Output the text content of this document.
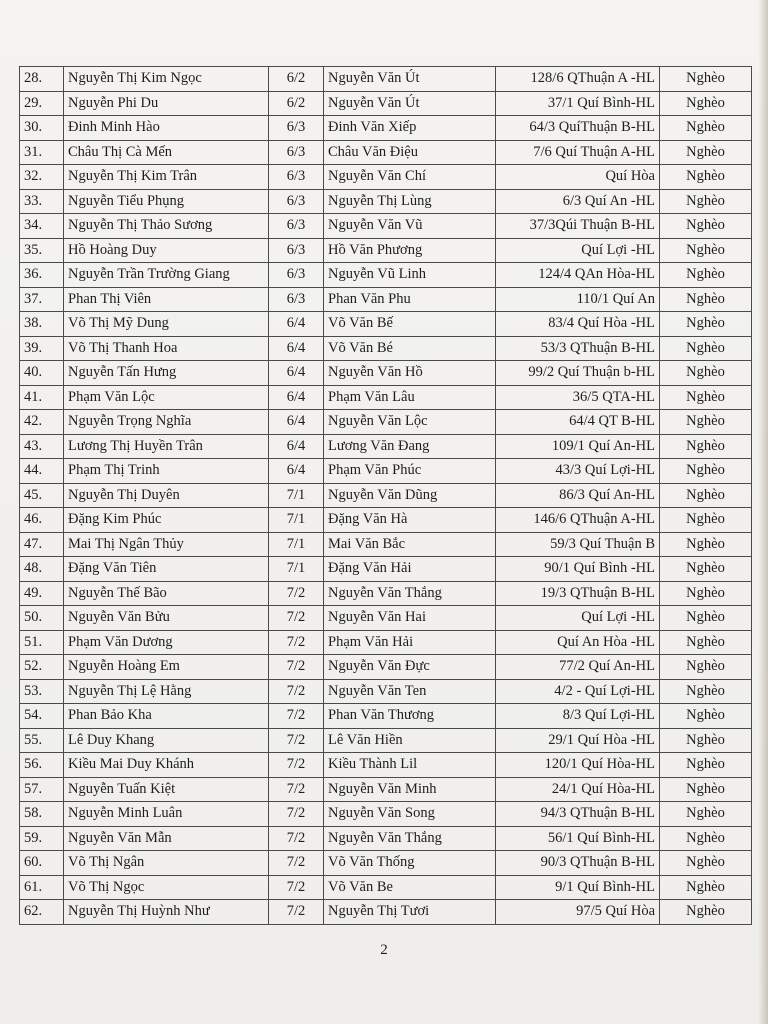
28.	Nguyễn Thị Kim Ngọc	6/2	Nguyễn Văn Út	128/6 QThuận A -HL	Nghèo
29.	Nguyễn Phi Du	6/2	Nguyễn Văn Út	37/1 Quí Bình-HL	Nghèo
30.	Đinh Minh Hào	6/3	Đinh Văn Xiếp	64/3 QuíThuận B-HL	Nghèo
31.	Châu Thị Cà Mến	6/3	Châu Văn Điệu	7/6 Quí Thuận A-HL	Nghèo
32.	Nguyễn Thị Kim Trân	6/3	Nguyễn Văn Chí	Quí Hòa	Nghèo
33.	Nguyễn Tiểu Phụng	6/3	Nguyễn Thị Lùng	6/3 Quí An -HL	Nghèo
34.	Nguyễn Thị Thảo Sương	6/3	Nguyễn Văn Vũ	37/3Qúi Thuận B-HL	Nghèo
35.	Hồ Hoàng Duy	6/3	Hồ Văn Phương	Quí Lợi -HL	Nghèo
36.	Nguyễn Trần Trường Giang	6/3	Nguyễn Vũ Linh	124/4 QAn Hòa-HL	Nghèo
37.	Phan Thị Viên	6/3	Phan Văn Phu	110/1 Quí An	Nghèo
38.	Võ Thị Mỹ Dung	6/4	Võ Văn Bế	83/4 Quí Hòa -HL	Nghèo
39.	Võ Thị Thanh Hoa	6/4	Võ Văn Bé	53/3 QThuận B-HL	Nghèo
40.	Nguyễn Tấn Hưng	6/4	Nguyễn Văn Hồ	99/2 Quí Thuận b-HL	Nghèo
41.	Phạm Văn Lộc	6/4	Phạm Văn Lâu	36/5 QTA-HL	Nghèo
42.	Nguyễn Trọng Nghĩa	6/4	Nguyễn Văn Lộc	64/4 QT B-HL	Nghèo
43.	Lương Thị Huyền Trân	6/4	Lương Văn Đang	109/1 Quí An-HL	Nghèo
44.	Phạm Thị Trinh	6/4	Phạm Văn Phúc	43/3 Quí Lợi-HL	Nghèo
45.	Nguyễn Thị Duyên	7/1	Nguyễn Văn Dũng	86/3 Quí An-HL	Nghèo
46.	Đặng Kim Phúc	7/1	Đặng Văn Hà	146/6 QThuận A-HL	Nghèo
47.	Mai Thị Ngân Thủy	7/1	Mai Văn Bắc	59/3 Quí Thuận B	Nghèo
48.	Đặng Văn Tiên	7/1	Đặng Văn Hải	90/1 Quí Bình -HL	Nghèo
49.	Nguyễn Thế Bão	7/2	Nguyễn Văn Thắng	19/3 QThuận B-HL	Nghèo
50.	Nguyễn Văn Bửu	7/2	Nguyễn Văn Hai	Quí Lợi -HL	Nghèo
51.	Phạm Văn Dương	7/2	Phạm Văn Hải	Quí An Hòa -HL	Nghèo
52.	Nguyễn Hoàng Em	7/2	Nguyễn Văn Đực	77/2 Quí An-HL	Nghèo
53.	Nguyễn Thị Lệ Hằng	7/2	Nguyễn Văn Ten	4/2 - Quí Lợi-HL	Nghèo
54.	Phan Bảo Kha	7/2	Phan Văn Thương	8/3 Quí Lợi-HL	Nghèo
55.	Lê Duy Khang	7/2	Lê Văn Hiền	29/1 Quí Hòa -HL	Nghèo
56.	Kiều Mai Duy Khánh	7/2	Kiều Thành Lil	120/1 Quí Hòa-HL	Nghèo
57.	Nguyễn Tuấn Kiệt	7/2	Nguyễn Văn Minh	24/1 Quí Hòa-HL	Nghèo
58.	Nguyễn Minh Luân	7/2	Nguyễn Văn Song	94/3 QThuận B-HL	Nghèo
59.	Nguyễn Văn Mẫn	7/2	Nguyễn Văn Thắng	56/1 Quí Bình-HL	Nghèo
60.	Võ Thị Ngân	7/2	Võ Văn Thống	90/3 QThuận B-HL	Nghèo
61.	Võ Thị Ngọc	7/2	Võ Văn Be	9/1 Quí Bình-HL	Nghèo
62.	Nguyễn Thị Huỳnh Như	7/2	Nguyễn Thị Tươi	97/5 Quí Hòa	Nghèo
2
